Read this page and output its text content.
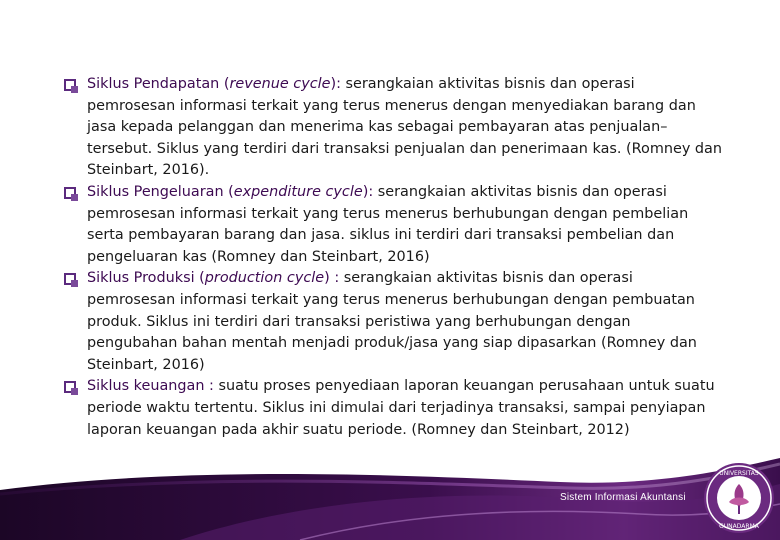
Siklus Pendapatan (revenue cycle): serangkaian aktivitas bisnis dan operasi pemrosesan informasi terkait yang terus menerus dengan menyediakan barang dan jasa kepada pelanggan dan menerima kas sebagai pembayaran atas penjualan–tersebut. Siklus yang terdiri dari transaksi penjualan dan penerimaan kas. (Romney dan Steinbart, 2016).

Siklus Pengeluaran (expenditure cycle): serangkaian aktivitas bisnis dan operasi pemrosesan informasi terkait yang terus menerus berhubungan dengan pembelian serta pembayaran barang dan jasa. siklus ini terdiri dari transaksi pembelian dan pengeluaran kas (Romney dan Steinbart, 2016)

Siklus Produksi (production cycle) : serangkaian aktivitas bisnis dan operasi pemrosesan informasi terkait yang terus menerus berhubungan dengan pembuatan produk. Siklus ini terdiri dari transaksi peristiwa yang berhubungan dengan pengubahan bahan mentah menjadi produk/jasa yang siap dipasarkan (Romney dan Steinbart, 2016)

Siklus keuangan : suatu proses penyediaan laporan keuangan perusahaan untuk suatu periode waktu tertentu. Siklus ini dimulai dari terjadinya transaksi, sampai penyiapan laporan keuangan pada akhir suatu periode. (Romney dan Steinbart, 2012)

Sistem Informasi Akuntansi
UNIVERSITAS
GUNADARMA
